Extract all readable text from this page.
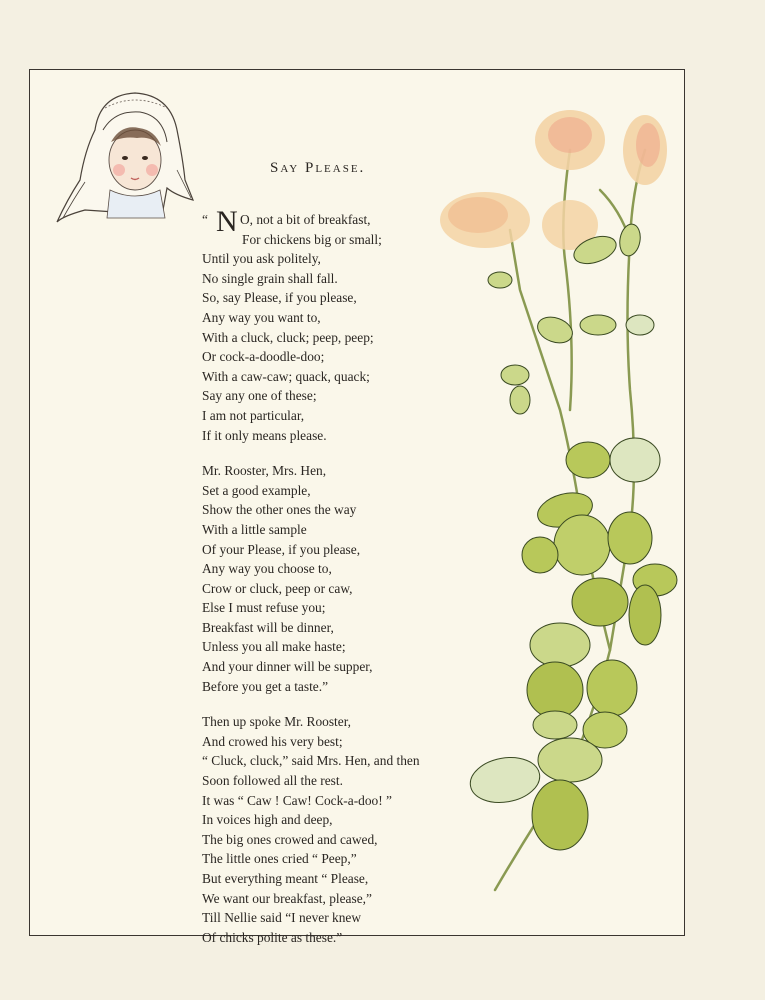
Say Please.
“ N O, not a bit of breakfast,
For chickens big or small;
Until you ask politely,
No single grain shall fall.
So, say Please, if you please,
Any way you want to,
With a cluck, cluck; peep, peep;
Or cock-a-doodle-doo;
With a caw-caw; quack, quack;
Say any one of these;
I am not particular,
If it only means please.
Mr. Rooster, Mrs. Hen,
Set a good example,
Show the other ones the way
With a little sample
Of your Please, if you please,
Any way you choose to,
Crow or cluck, peep or caw,
Else I must refuse you;
Breakfast will be dinner,
Unless you all make haste;
And your dinner will be supper,
Before you get a taste.”
Then up spoke Mr. Rooster,
And crowed his very best;
“ Cluck, cluck,” said Mrs. Hen, and then
Soon followed all the rest.
It was “ Caw ! Caw! Cock-a-doo! ”
In voices high and deep,
The big ones crowed and cawed,
The little ones cried “ Peep,”
But everything meant “ Please,
We want our breakfast, please,”
Till Nellie said “I never knew
Of chicks polite as these.”
